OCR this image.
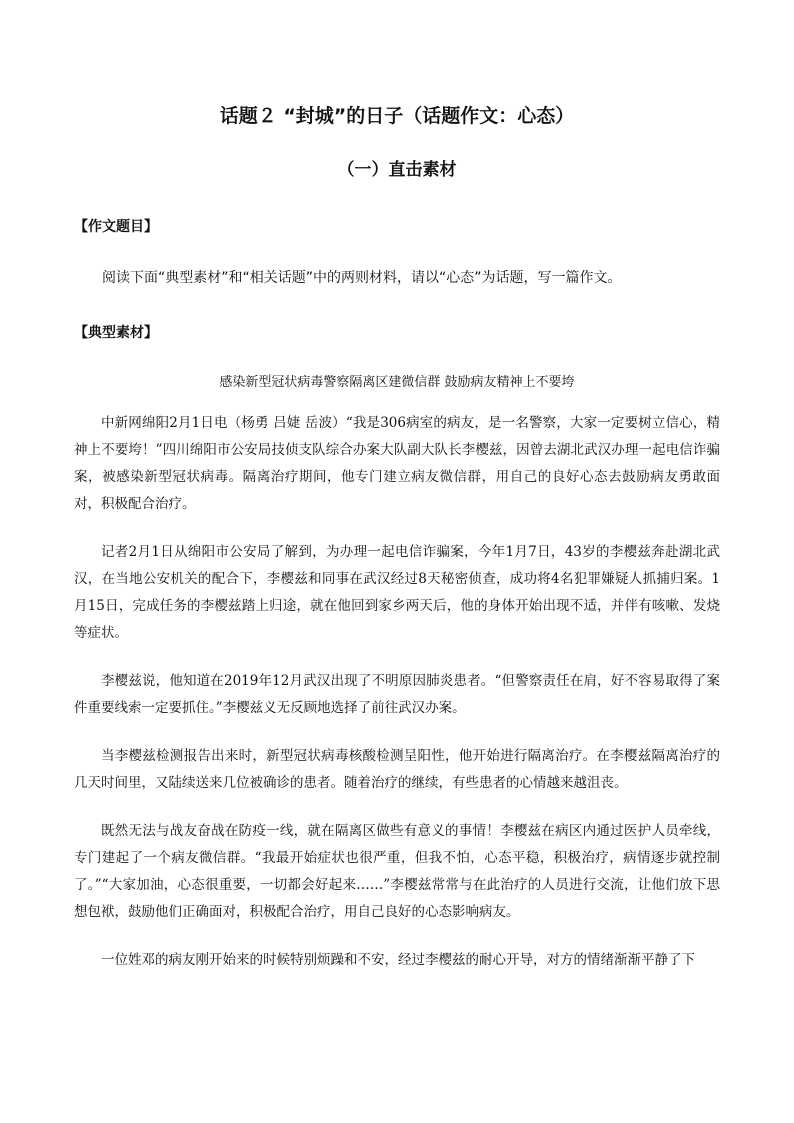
话题２ “封城”的日子（话题作文：心态）
（一）直击素材
【作文题目】

阅读下面“典型素材”和“相关话题”中的两则材料，请以“心态”为话题，写一篇作文。

【典型素材】

感染新型冠状病毒警察隔离区建微信群 鼓励病友精神上不要垮

中新网绵阳2月1日电（杨勇 吕婕 岳波）“我是306病室的病友，是一名警察，大家一定要树立信心，精神上不要垮！”四川绵阳市公安局技侦支队综合办案大队副大队长李樱兹，因曾去湖北武汉办理一起电信诈骗案，被感染新型冠状病毒。隔离治疗期间，他专门建立病友微信群，用自己的良好心态去鼓励病友勇敢面对，积极配合治疗。

记者2月1日从绵阳市公安局了解到，为办理一起电信诈骗案，今年1月7日，43岁的李樱兹奔赴湖北武汉，在当地公安机关的配合下，李樱兹和同事在武汉经过8天秘密侦查，成功将4名犯罪嫌疑人抓捕归案。1月15日，完成任务的李樱兹踏上归途，就在他回到家乡两天后，他的身体开始出现不适，并伴有咳嗽、发烧等症状。

李樱兹说，他知道在2019年12月武汉出现了不明原因肺炎患者。“但警察责任在肩，好不容易取得了案件重要线索一定要抓住。”李樱兹义无反顾地选择了前往武汉办案。

当李樱兹检测报告出来时，新型冠状病毒核酸检测呈阳性，他开始进行隔离治疗。在李樱兹隔离治疗的几天时间里，又陆续送来几位被确诊的患者。随着治疗的继续，有些患者的心情越来越沮丧。

既然无法与战友奋战在防疫一线，就在隔离区做些有意义的事情！李樱兹在病区内通过医护人员牵线，专门建起了一个病友微信群。“我最开始症状也很严重，但我不怕，心态平稳，积极治疗，病情逐步就控制了。”“大家加油，心态很重要，一切都会好起来……”李樱兹常常与在此治疗的人员进行交流，让他们放下思想包袱，鼓励他们正确面对，积极配合治疗，用自己良好的心态影响病友。

一位姓邓的病友刚开始来的时候特别烦躁和不安，经过李樱兹的耐心开导，对方的情绪渐渐平静了下
